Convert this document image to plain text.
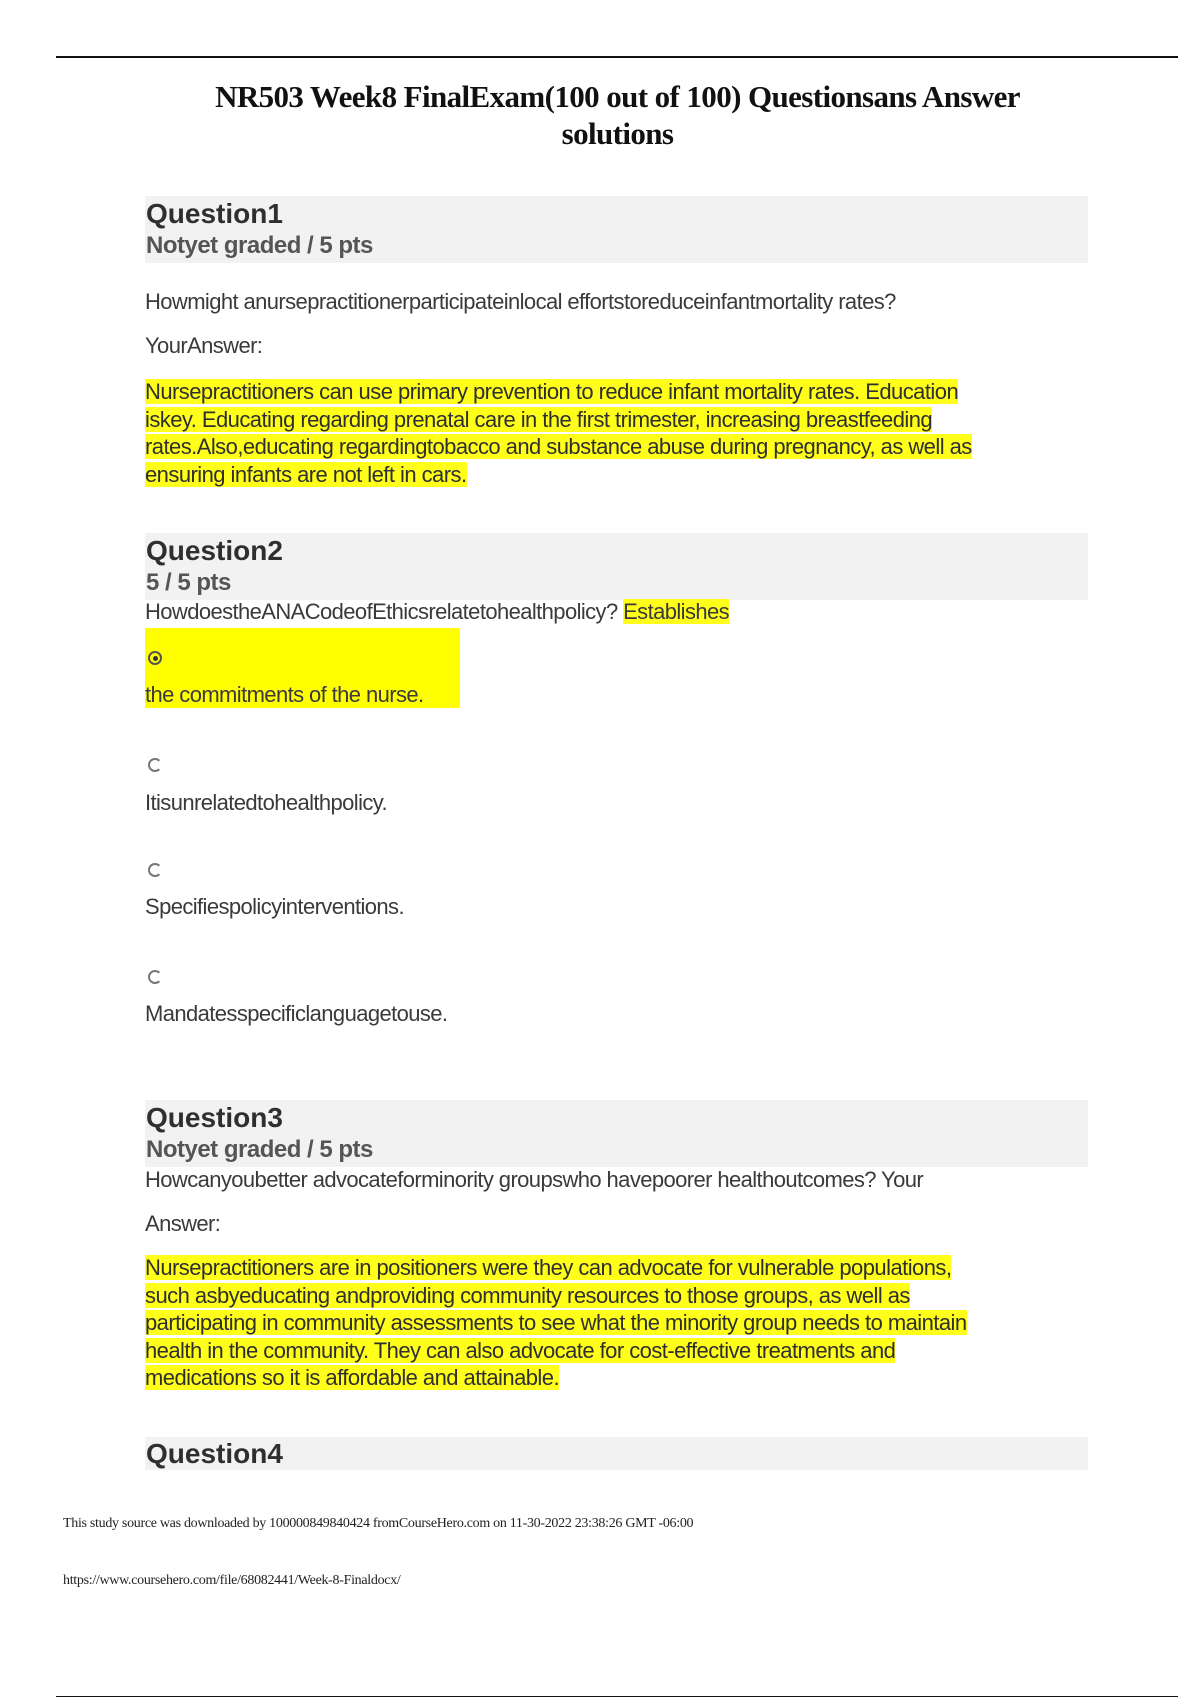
NR503 Week8 FinalExam(100 out of 100) Questionsans Answer
solutions
Question1
Notyet graded / 5 pts
Howmight anursepractitionerparticipateinlocal effortstoreduceinfantmortality rates?
YourAnswer:
Nursepractitioners can use primary prevention to reduce infant mortality rates. Education
iskey. Educating regarding prenatal care in the first trimester, increasing breastfeeding
rates.Also,educating regardingtobacco and substance abuse during pregnancy, as well as
ensuring infants are not left in cars.
Question2
5 / 5 pts
HowdoestheANACodeofEthicsrelatetohealthpolicy? Establishes
the commitments of the nurse.
Itisunrelatedtohealthpolicy.
Specifiespolicyinterventions.
Mandatesspecificlanguagetouse.
Question3
Notyet graded / 5 pts
Howcanyoubetter advocateforminority groupswho havepoorer healthoutcomes? Your
Answer:
Nursepractitioners are in positioners were they can advocate for vulnerable populations,
such asbyeducating andproviding community resources to those groups, as well as
participating in community assessments to see what the minority group needs to maintain
health in the community. They can also advocate for cost-effective treatments and
medications so it is affordable and attainable.
Question4
This study source was downloaded by 100000849840424 fromCourseHero.com on 11-30-2022 23:38:26 GMT -06:00
https://www.coursehero.com/file/68082441/Week-8-Finaldocx/
